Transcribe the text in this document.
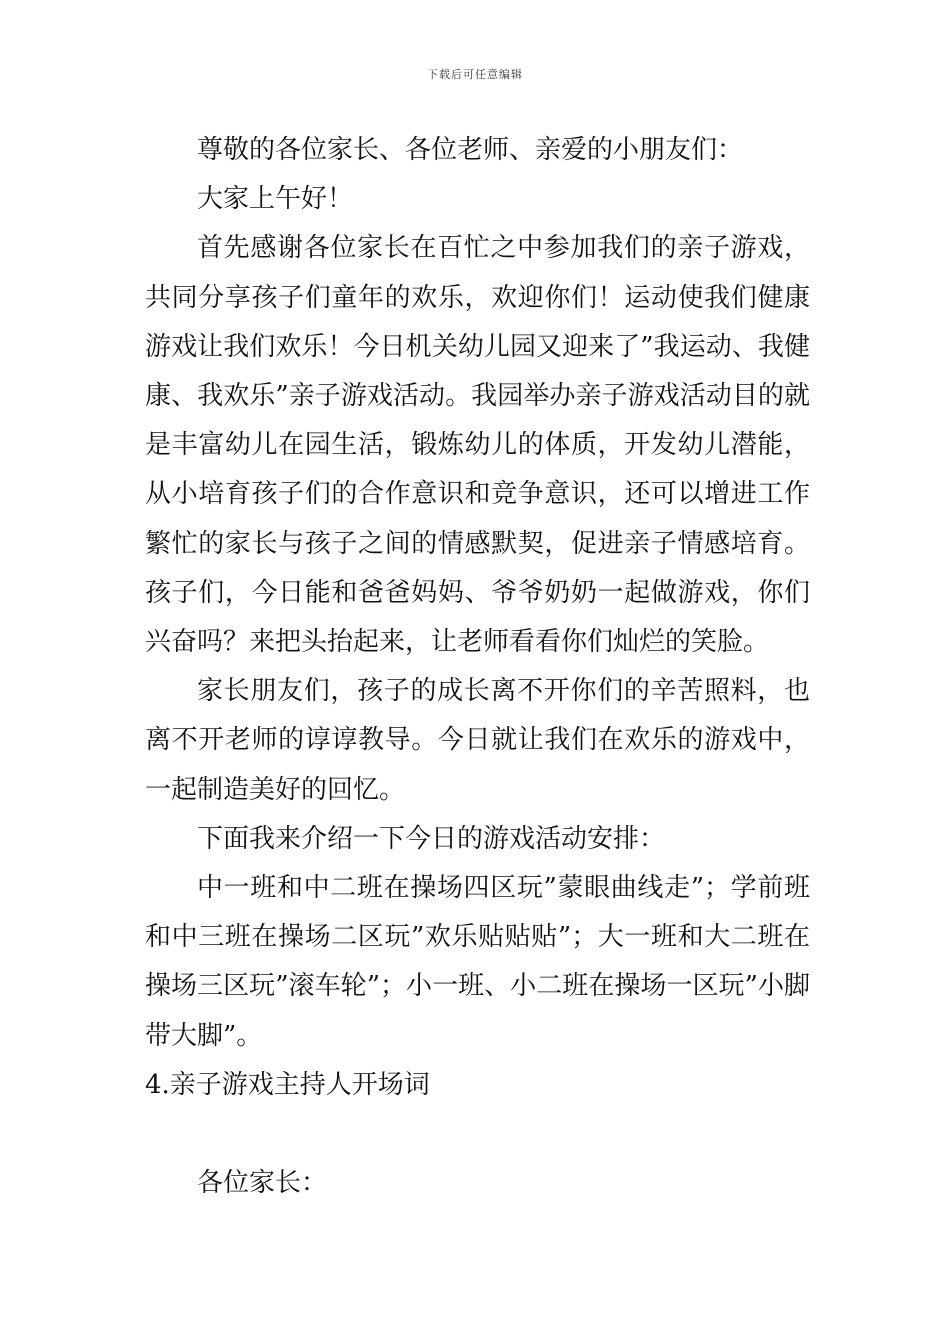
下载后可任意编辑

尊敬的各位家长、各位老师、亲爱的小朋友们：

大家上午好！

首先感谢各位家长在百忙之中参加我们的亲子游戏，共同分享孩子们童年的欢乐，欢迎你们！运动使我们健康游戏让我们欢乐！今日机关幼儿园又迎来了”我运动、我健康、我欢乐”亲子游戏活动。我园举办亲子游戏活动目的就是丰富幼儿在园生活，锻炼幼儿的体质，开发幼儿潜能，从小培育孩子们的合作意识和竞争意识，还可以增进工作繁忙的家长与孩子之间的情感默契，促进亲子情感培育。孩子们，今日能和爸爸妈妈、爷爷奶奶一起做游戏，你们兴奋吗？来把头抬起来，让老师看看你们灿烂的笑脸。

家长朋友们，孩子的成长离不开你们的辛苦照料，也离不开老师的谆谆教导。今日就让我们在欢乐的游戏中，一起制造美好的回忆。

下面我来介绍一下今日的游戏活动安排：

中一班和中二班在操场四区玩”蒙眼曲线走”；学前班和中三班在操场二区玩”欢乐贴贴贴”；大一班和大二班在操场三区玩”滚车轮”；小一班、小二班在操场一区玩”小脚带大脚”。

4.亲子游戏主持人开场词

各位家长：
